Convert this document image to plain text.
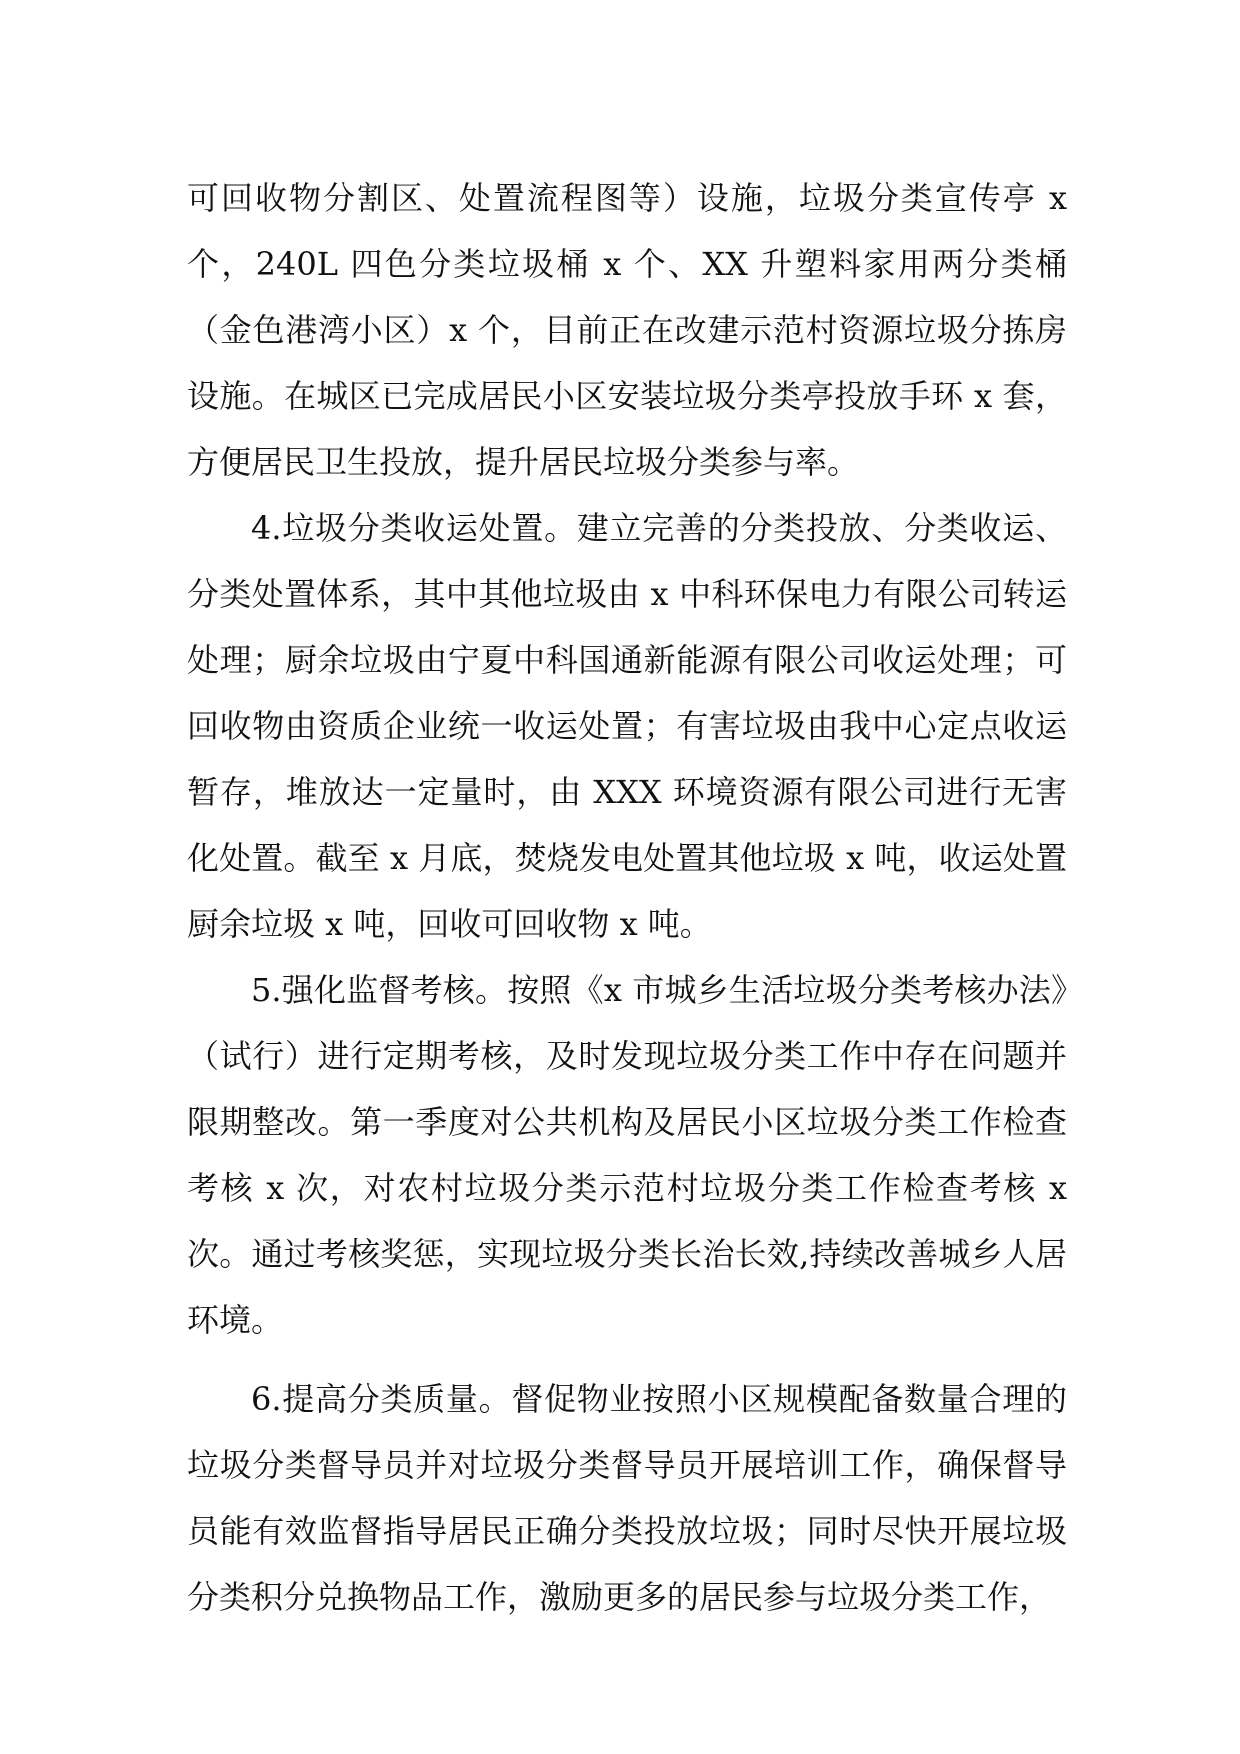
可回收物分割区、处置流程图等）设施，垃圾分类宣传亭 x 个，240L 四色分类垃圾桶 x 个、XX 升塑料家用两分类桶（金色港湾小区）x 个，目前正在改建示范村资源垃圾分拣房设施。在城区已完成居民小区安装垃圾分类亭投放手环 x 套，方便居民卫生投放，提升居民垃圾分类参与率。

4.垃圾分类收运处置。建立完善的分类投放、分类收运、分类处置体系，其中其他垃圾由 x 中科环保电力有限公司转运处理；厨余垃圾由宁夏中科国通新能源有限公司收运处理；可回收物由资质企业统一收运处置；有害垃圾由我中心定点收运暂存，堆放达一定量时，由 XXX 环境资源有限公司进行无害化处置。截至 x 月底，焚烧发电处置其他垃圾 x 吨，收运处置厨余垃圾 x 吨，回收可回收物 x 吨。

5.强化监督考核。按照《x 市城乡生活垃圾分类考核办法》（试行）进行定期考核，及时发现垃圾分类工作中存在问题并限期整改。第一季度对公共机构及居民小区垃圾分类工作检查考核 x 次，对农村垃圾分类示范村垃圾分类工作检查考核 x 次。通过考核奖惩，实现垃圾分类长治长效,持续改善城乡人居环境。

6.提高分类质量。督促物业按照小区规模配备数量合理的垃圾分类督导员并对垃圾分类督导员开展培训工作，确保督导员能有效监督指导居民正确分类投放垃圾；同时尽快开展垃圾分类积分兑换物品工作，激励更多的居民参与垃圾分类工作，
